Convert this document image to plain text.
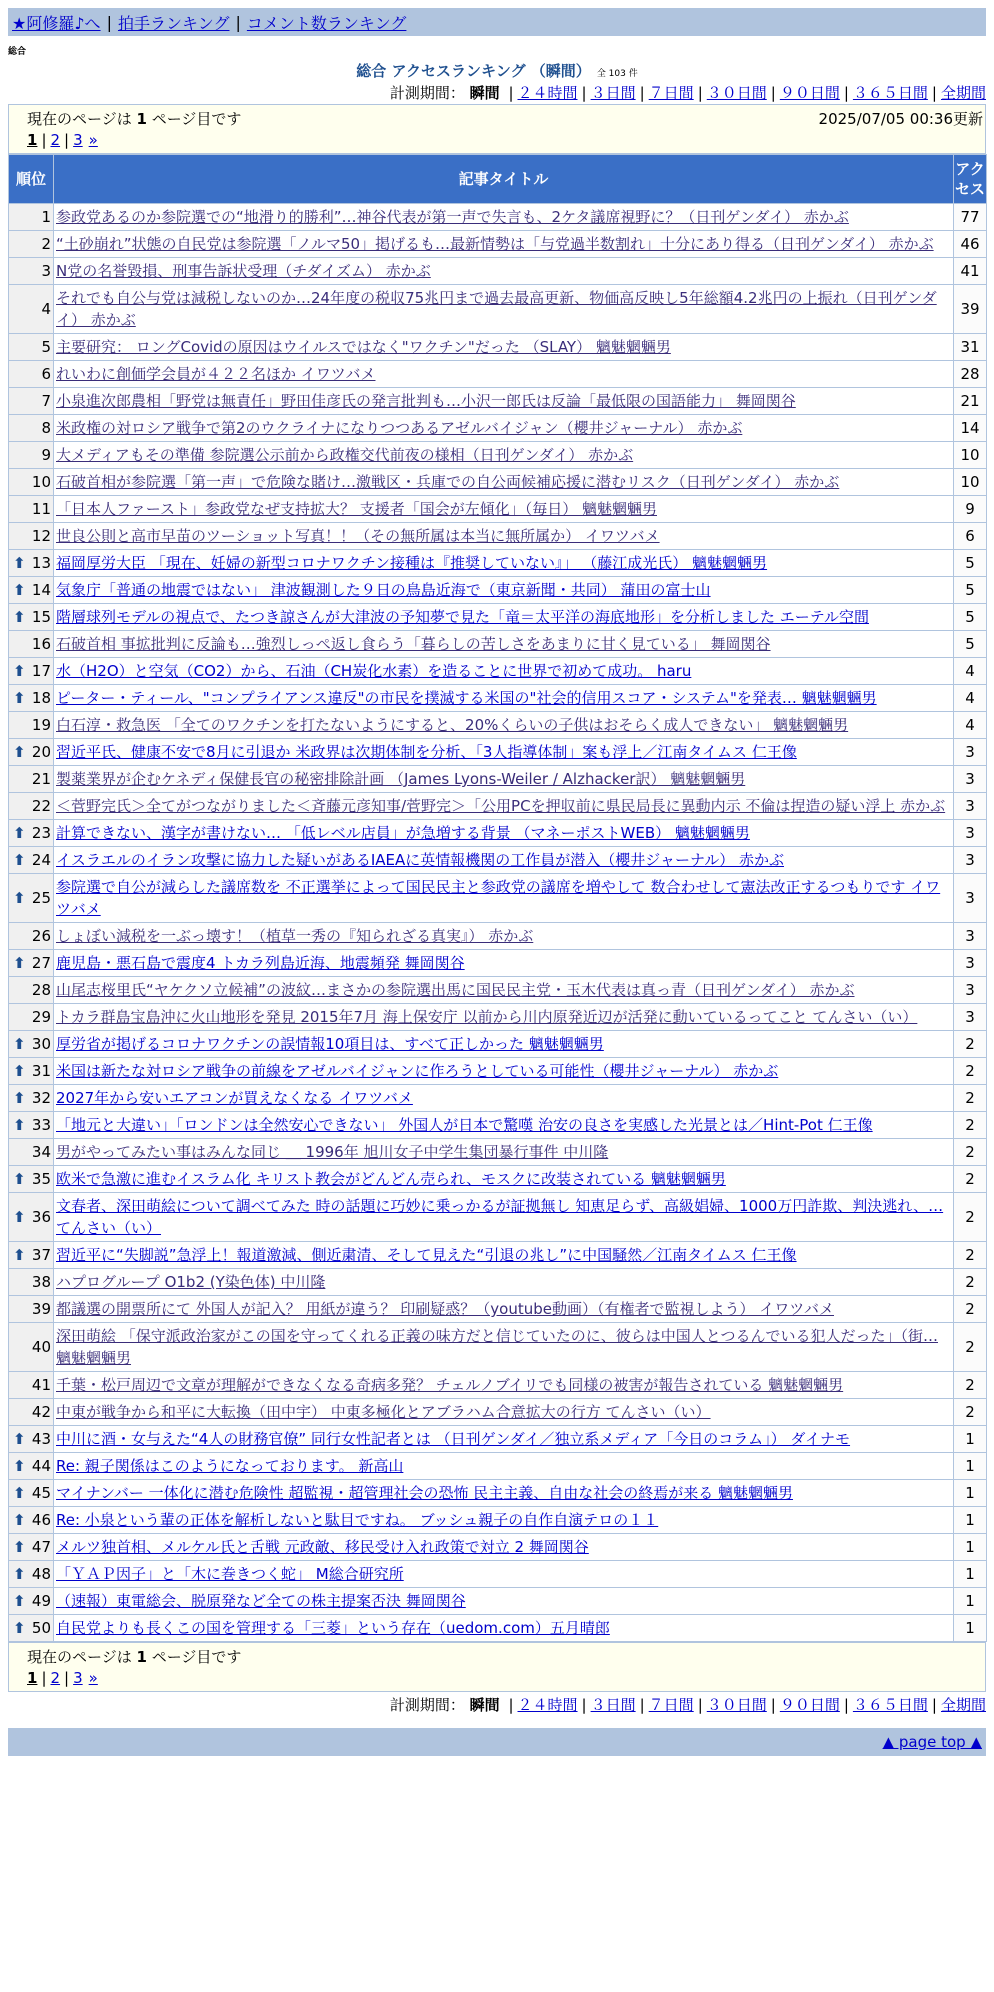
★阿修羅♪へ | 拍手ランキング | コメント数ランキング
総合
総合 アクセスランキング （瞬間） 全 103 件
計測期間： 瞬間 | ２４時間 | ３日間 | ７日間 | ３０日間 | ９０日間 | ３６５日間 | 全期間
現在のページは 1 ページ目です	2025/07/05 00:36更新
1 | 2 | 3 »
順位	記事タイトル	アクセス
1	参政党あるのか参院選での“地滑り的勝利”…神谷代表が第一声で失言も、2ケタ議席視野に？（日刊ゲンダイ） 赤かぶ	77
2	“土砂崩れ”状態の自民党は参院選「ノルマ50」掲げるも…最新情勢は「与党過半数割れ」十分にあり得る（日刊ゲンダイ） 赤かぶ	46
3	N党の名誉毀損、刑事告訴状受理（チダイズム） 赤かぶ	41
4	それでも自公与党は減税しないのか…24年度の税収75兆円まで過去最高更新、物価高反映し5年総額4.2兆円の上振れ（日刊ゲンダイ） 赤かぶ	39
5	主要研究： ロングCovidの原因はウイルスではなく"ワクチン"だった （SLAY） 魑魅魍魎男	31
6	れいわに創価学会員が４２２名ほか イワツバメ	28
7	小泉進次郎農相「野党は無責任」野田佳彦氏の発言批判も…小沢一郎氏は反論「最低限の国語能力」 舞岡関谷	21
8	米政権の対ロシア戦争で第2のウクライナになりつつあるアゼルバイジャン（櫻井ジャーナル） 赤かぶ	14
9	大メディアもその準備 参院選公示前から政権交代前夜の様相（日刊ゲンダイ） 赤かぶ	10
10	石破首相が参院選「第一声」で危険な賭け…激戦区・兵庫での自公両候補応援に潜むリスク（日刊ゲンダイ） 赤かぶ	10
11	「日本人ファースト」参政党なぜ支持拡大？ 支援者「国会が左傾化」（毎日） 魑魅魍魎男	9
12	世良公則と高市早苗のツーショット写真！！（その無所属は本当に無所属か） イワツバメ	6

⬆ 13	福岡厚労大臣 「現在、妊婦の新型コロナワクチン接種は『推奨していない』」 （藤江成光氏） 魑魅魍魎男	5

⬆ 14	気象庁「普通の地震ではない」 津波観測した９日の鳥島近海で（東京新聞・共同） 蒲田の富士山	5

⬆ 15	階層球列モデルの視点で、たつき諒さんが大津波の予知夢で見た「竜＝太平洋の海底地形」を分析しました エーテル空間	5
16	石破首相 事拡批判に反論も…強烈しっぺ返し食らう「暮らしの苦しさをあまりに甘く見ている」 舞岡関谷	5

⬆ 17	水（H2O）と空気（CO2）から、石油（CH炭化水素）を造ることに世界で初めて成功。 haru	4

⬆ 18	ピーター・ティール、"コンプライアンス違反"の市民を撲滅する米国の"社会的信用スコア・システム"を発表… 魑魅魍魎男	4
19	白石淳・救急医 「全てのワクチンを打たないようにすると、20%くらいの子供はおそらく成人できない」 魑魅魍魎男	4

⬆ 20	習近平氏、健康不安で8月に引退か 米政界は次期体制を分析、「3人指導体制」案も浮上／江南タイムス 仁王像	3
21	製薬業界が企むケネディ保健長官の秘密排除計画 （James Lyons-Weiler / Alzhacker訳） 魑魅魍魎男	3
22	＜菅野完氏＞全てがつながりました＜斉藤元彦知事/菅野完＞「公用PCを押収前に県民局長に異動内示 不倫は捏造の疑い浮上 赤かぶ	3

⬆ 23	計算できない、漢字が書けない… 「低レベル店員」が急増する背景 （マネーポストWEB） 魑魅魍魎男	3

⬆ 24	イスラエルのイラン攻撃に協力した疑いがあるIAEAに英情報機関の工作員が潜入（櫻井ジャーナル） 赤かぶ	3

⬆ 25	参院選で自公が減らした議席数を 不正選挙によって国民民主と参政党の議席を増やして 数合わせして憲法改正するつもりです イワツバメ	3
26	しょぼい減税を一ぶっ壊す！（植草一秀の『知られざる真実』） 赤かぶ	3

⬆ 27	鹿児島・悪石島で震度4 トカラ列島近海、地震頻発 舞岡関谷	3
28	山尾志桜里氏“ヤケクソ立候補”の波紋…まさかの参院選出馬に国民民主党・玉木代表は真っ青（日刊ゲンダイ） 赤かぶ	3
29	トカラ群島宝島沖に火山地形を発見 2015年7月 海上保安庁 以前から川内原発近辺が活発に動いているってこと てんさい（い）	3

⬆ 30	厚労省が掲げるコロナワクチンの誤情報10項目は、すべて正しかった 魑魅魍魎男	2

⬆ 31	米国は新たな対ロシア戦争の前線をアゼルバイジャンに作ろうとしている可能性（櫻井ジャーナル） 赤かぶ	2

⬆ 32	2027年から安いエアコンが買えなくなる イワツバメ	2

⬆ 33	「地元と大違い」「ロンドンは全然安心できない」 外国人が日本で驚嘆 治安の良さを実感した光景とは／Hint-Pot 仁王像	2
34	男がやってみたい事はみんな同じ ＿ 1996年 旭川女子中学生集団暴行事件 中川隆	2

⬆ 35	欧米で急激に進むイスラム化 キリスト教会がどんどん売られ、モスクに改装されている 魑魅魍魎男	2

⬆ 36	文春者、深田萌絵について調べてみた 時の話題に巧妙に乗っかるが証拠無し 知恵足らず、高級娼婦、1000万円詐欺、判決逃れ、… てんさい（い）	2

⬆ 37	習近平に“失脚説”急浮上！報道激減、側近粛清、そして見えた“引退の兆し”に中国騒然／江南タイムス 仁王像	2
38	ハプログループ O1b2 (Y染色体) 中川隆	2
39	都議選の開票所にて 外国人が記入？ 用紙が違う？ 印刷疑惑？（youtube動画）（有権者で監視しよう） イワツバメ	2
40	深田萌絵 「保守派政治家がこの国を守ってくれる正義の味方だと信じていたのに、彼らは中国人とつるんでいる犯人だった」（街… 魑魅魍魎男	2
41	千葉・松戸周辺で文章が理解ができなくなる奇病多発？ チェルノブイリでも同様の被害が報告されている 魑魅魍魎男	2
42	中東が戦争から和平に大転換（田中宇） 中東多極化とアブラハム合意拡大の行方 てんさい（い）	2

⬆ 43	中川に酒・女与えた“4人の財務官僚” 同行女性記者とは （日刊ゲンダイ／独立系メディア「今日のコラム」） ダイナモ	1

⬆ 44	Re: 親子関係はこのようになっております。 新高山	1

⬆ 45	マイナンバー 一体化に潜む危険性 超監視・超管理社会の恐怖 民主主義、自由な社会の終焉が来る 魑魅魍魎男	1

⬆ 46	Re: 小泉という輩の正体を解析しないと駄目ですね。 ブッシュ親子の自作自演テロの１１	1

⬆ 47	メルツ独首相、メルケル氏と舌戦 元政敵、移民受け入れ政策で対立 2 舞岡関谷	1

⬆ 48	「ＹＡＰ因子」と「木に巻きつく蛇」 M総合研究所	1

⬆ 49	（速報）東電総会、脱原発など全ての株主提案否決 舞岡関谷	1

⬆ 50	自民党よりも長くこの国を管理する「三菱」という存在（uedom.com）五月晴郎	1
現在のページは 1 ページ目です
1 | 2 | 3 »
計測期間： 瞬間 | ２４時間 | ３日間 | ７日間 | ３０日間 | ９０日間 | ３６５日間 | 全期間
▲ page top ▲
